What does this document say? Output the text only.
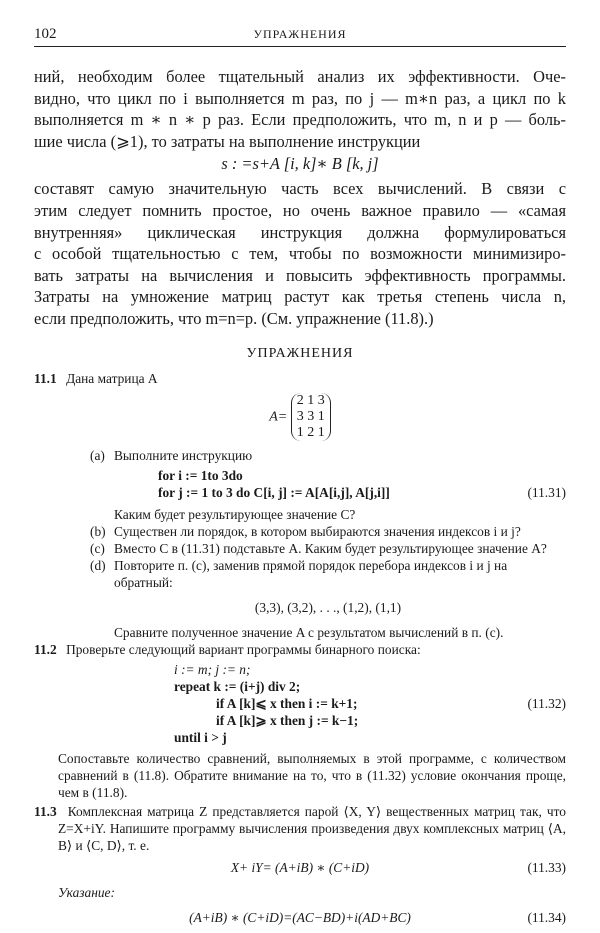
102	УПРАЖНЕНИЯ

ний, необходим более тщательный анализ их эффективности. Оче-
видно, что цикл по i выполняется m раз, по j — m∗n раз, а цикл по k
выполняется m ∗ n ∗ p раз. Если предположить, что m, n и p — боль-
шие числа (⩾1), то затраты на выполнение инструкции

s : =s+A [i, k]∗ B [k, j]

составят самую значительную часть всех вычислений. В связи с
этим следует помнить простое, но очень важное правило — «самая
внутренняя» циклическая инструкция должна формулироваться
с особой тщательностью с тем, чтобы по возможности минимизиро-
вать затраты на вычисления и повысить эффективность программы.
Затраты на умножение матриц растут как третья степень числа n,
если предположить, что m=n=p. (См. упражнение (11.8).)

УПРАЖНЕНИЯ
11.1 Дана матрица A
A=
2 1 3
3 3 1
1 2 1
(a) Выполните инструкцию
for i := 1to 3do
for j := 1 to 3 do C[i, j] := A[A[i,j], A[j,i]]	(11.31)
Каким будет результирующее значение C?
(b) Существен ли порядок, в котором выбираются значения индексов i и j?
(c) Вместо C в (11.31) подставьте A. Каким будет результирующее значение A?
(d) Повторите п. (c), заменив прямой порядок перебора индексов i и j на обратный:
(3,3), (3,2), . . ., (1,2), (1,1)
Сравните полученное значение A с результатом вычислений в п. (c).
11.2 Проверьте следующий вариант программы бинарного поиска:
i := m; j := n;
repeat k := (i+j) div 2;
if A [k]⩽ x then i := k+1;	(11.32)
if A [k]⩾ x then j := k−1;
until i > j
Сопоставьте количество сравнений, выполняемых в этой программе, с количеством сравнений в (11.8). Обратите внимание на то, что в (11.32) условие окончания проще, чем в (11.8).
11.3 Комплексная матрица Z представляется парой ⟨X, Y⟩ вещественных матриц так, что Z=X+iY. Напишите программу вычисления произведения двух комплексных матриц ⟨A, B⟩ и ⟨C, D⟩, т. е.
X+ iY= (A+iB) ∗ (C+iD)	(11.33)
Указание:
(A+iB) ∗ (C+iD)=(AC−BD)+i(AD+BC)	(11.34)
